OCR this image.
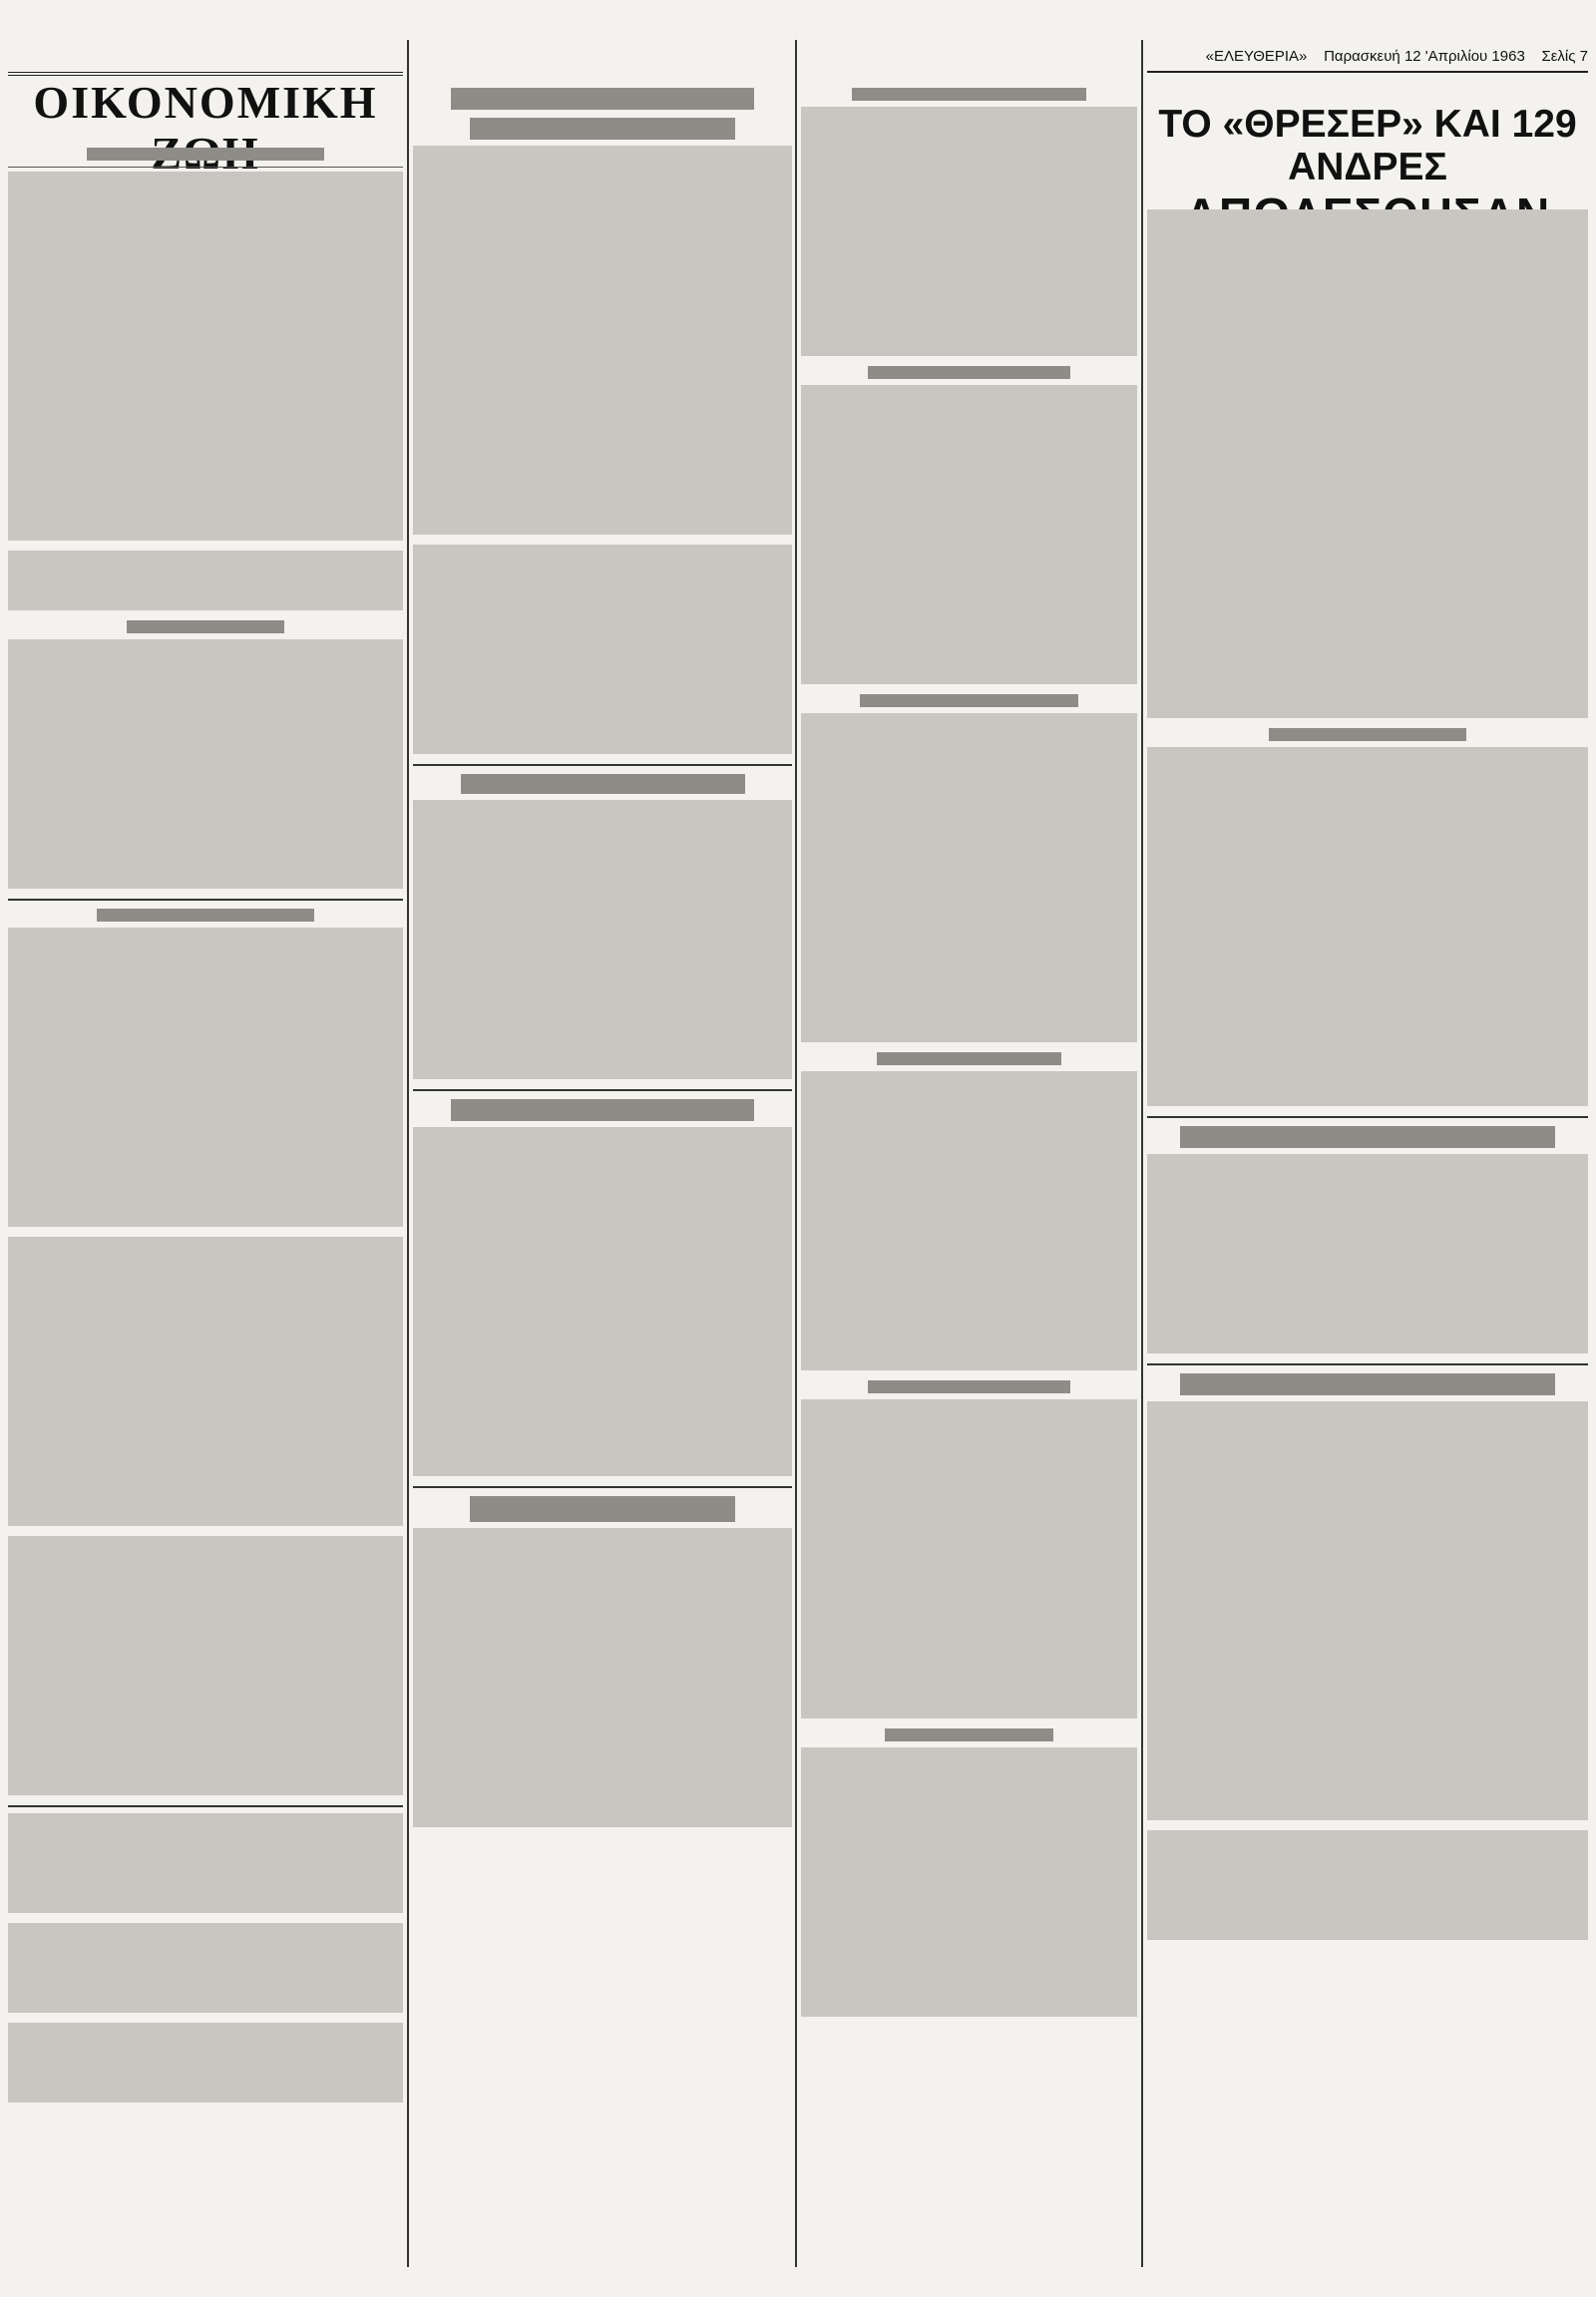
ΟΙΚΟΝΟΜΙΚΗ
«ΕΛΕΥΘΕΡΙΑ» Παρασκευή 12 'Απριλίου 1963 Σελίς 7
ΤΟ «ΘΡΕΣΕΡ» ΚΑΙ 129 ΑΝΔΡΕΣ
